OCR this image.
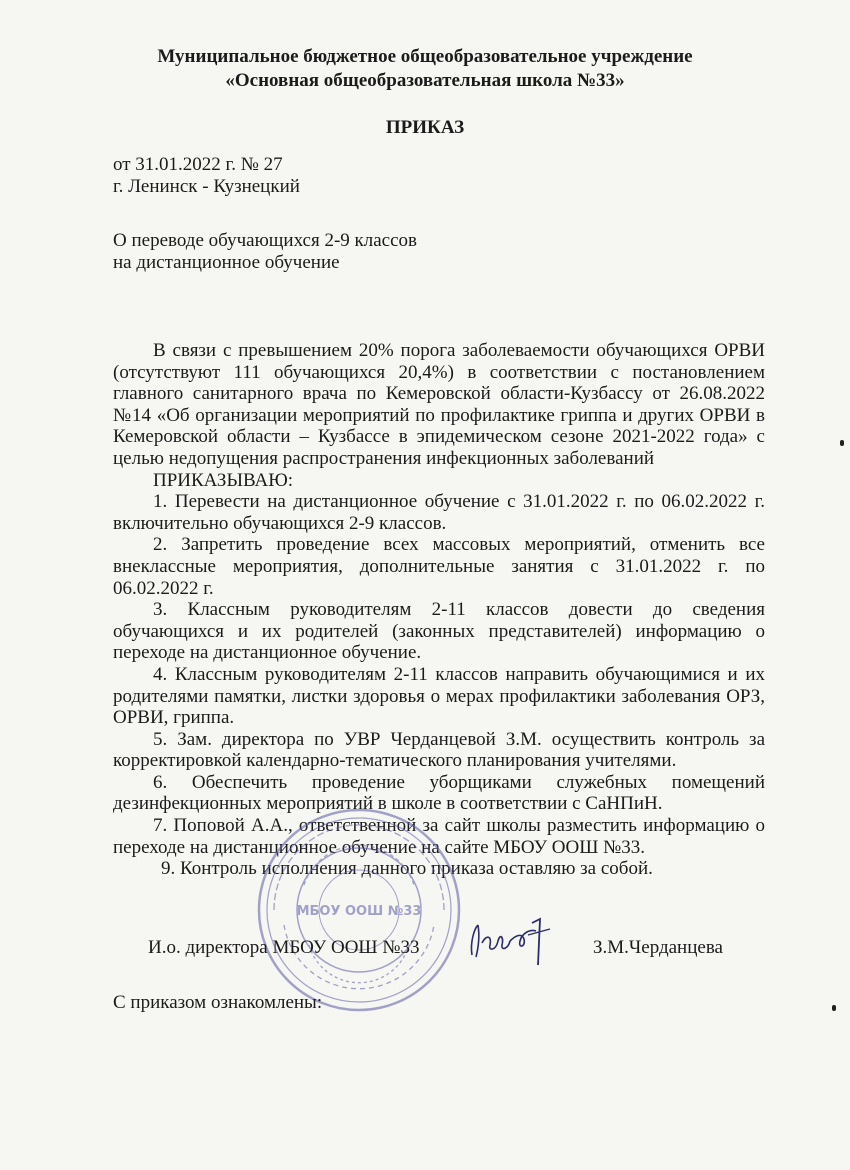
Муниципальное бюджетное общеобразовательное учреждение
«Основная общеобразовательная школа №33»
ПРИКАЗ
от 31.01.2022 г. № 27
г. Ленинск - Кузнецкий
О переводе обучающихся 2-9 классов
на дистанционное обучение

В связи с превышением 20% порога заболеваемости обучающихся ОРВИ (отсутствуют 111 обучающихся 20,4%) в соответствии с постановлением главного санитарного врача по Кемеровской области-Кузбассу от 26.08.2022 №14 «Об организации мероприятий по профилактике гриппа и других ОРВИ в Кемеровской области – Кузбассе в эпидемическом сезоне 2021-2022 года» с целью недопущения распространения инфекционных заболеваний

ПРИКАЗЫВАЮ:

1. Перевести на дистанционное обучение с 31.01.2022 г. по 06.02.2022 г. включительно обучающихся 2-9 классов.

2. Запретить проведение всех массовых мероприятий, отменить все внеклассные мероприятия, дополнительные занятия с 31.01.2022 г. по 06.02.2022 г.

3. Классным руководителям 2-11 классов довести до сведения обучающихся и их родителей (законных представителей) информацию о переходе на дистанционное обучение.

4. Классным руководителям 2-11 классов направить обучающимися и их родителями памятки, листки здоровья о мерах профилактики заболевания ОРЗ, ОРВИ, гриппа.

5. Зам. директора по УВР Черданцевой З.М. осуществить контроль за корректировкой календарно-тематического планирования учителями.

6. Обеспечить проведение уборщиками служебных помещений дезинфекционных мероприятий в школе в соответствии с СаНПиН.

7. Поповой А.А., ответственной за сайт школы разместить информацию о переходе на дистанционное обучение на сайте МБОУ ООШ №33.

9. Контроль исполнения данного приказа оставляю за собой.

МБОУ ООШ №33
И.о. директора МБОУ ООШ №33	З.М.Черданцева
С приказом ознакомлены:
